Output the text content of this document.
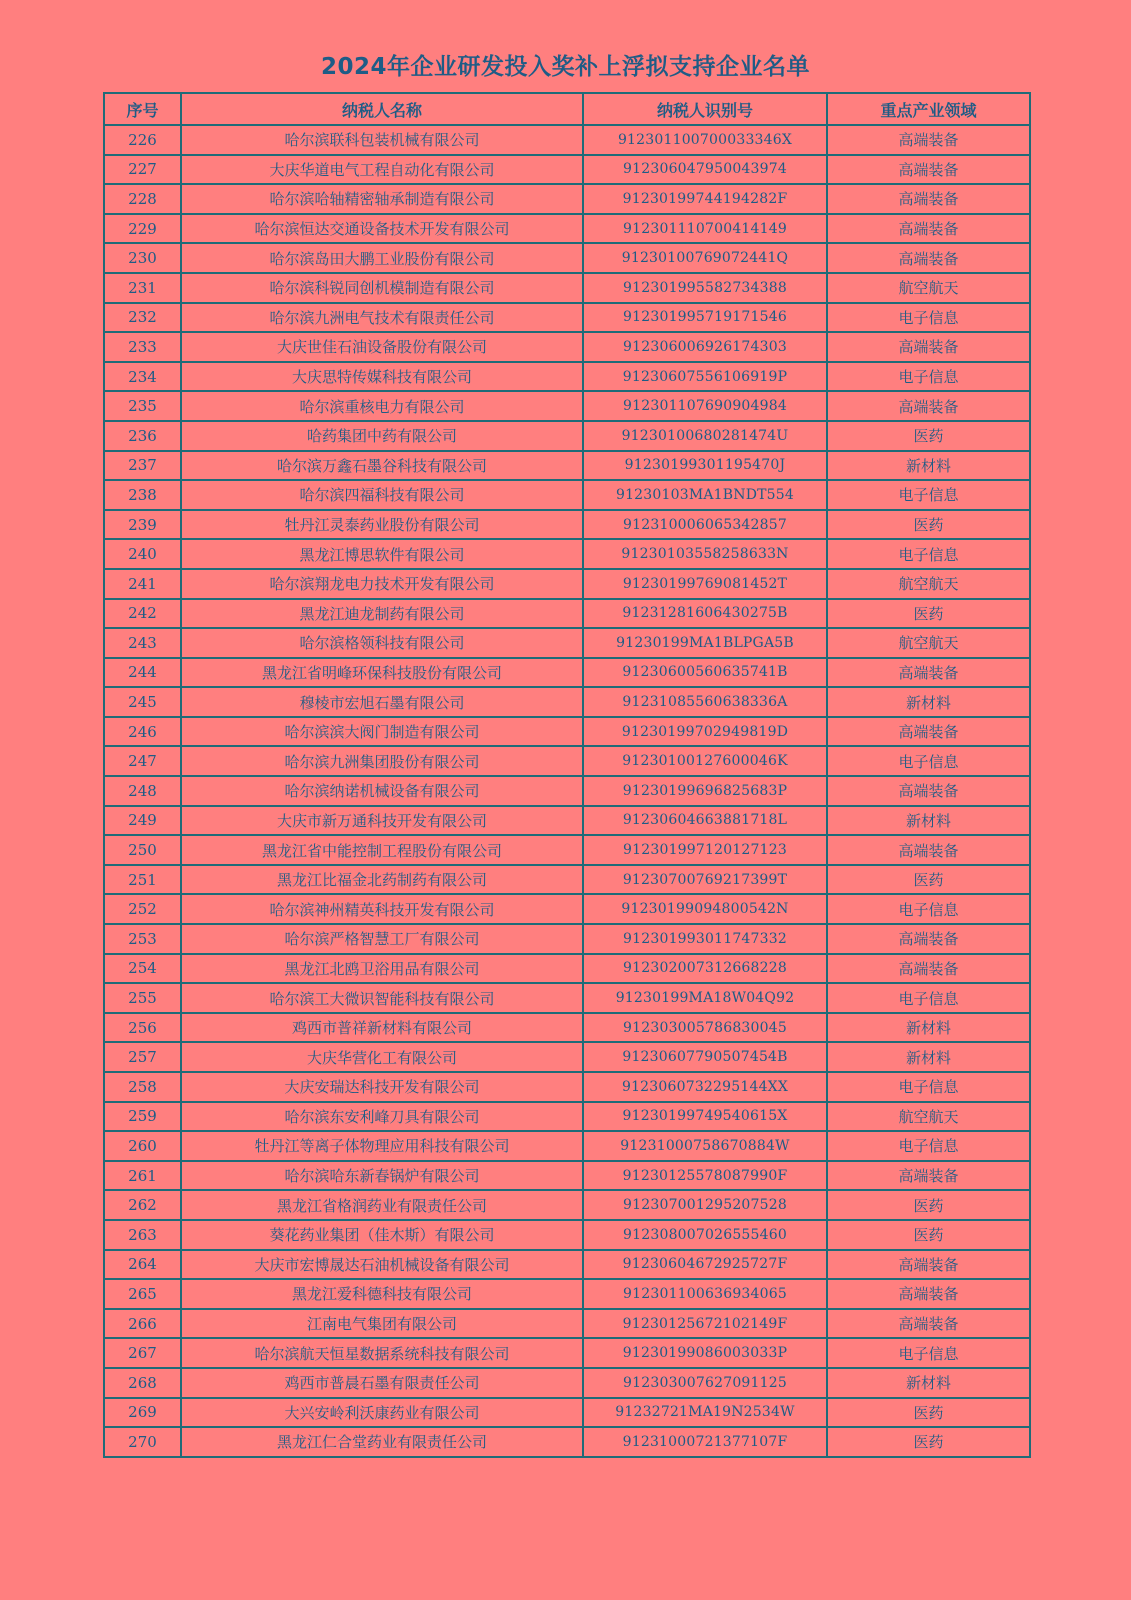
2024年企业研发投入奖补上浮拟支持企业名单
序号	纳税人名称	纳税人识别号	重点产业领域
226	哈尔滨联科包装机械有限公司	912301100700033346X	高端装备
227	大庆华道电气工程自动化有限公司	912306047950043974	高端装备
228	哈尔滨哈轴精密轴承制造有限公司	91230199744194282F	高端装备
229	哈尔滨恒达交通设备技术开发有限公司	912301110700414149	高端装备
230	哈尔滨岛田大鹏工业股份有限公司	91230100769072441Q	高端装备
231	哈尔滨科锐同创机模制造有限公司	912301995582734388	航空航天
232	哈尔滨九洲电气技术有限责任公司	912301995719171546	电子信息
233	大庆世佳石油设备股份有限公司	912306006926174303	高端装备
234	大庆思特传媒科技有限公司	91230607556106919P	电子信息
235	哈尔滨重核电力有限公司	912301107690904984	高端装备
236	哈药集团中药有限公司	91230100680281474U	医药
237	哈尔滨万鑫石墨谷科技有限公司	91230199301195470J	新材料
238	哈尔滨四福科技有限公司	91230103MA1BNDT554	电子信息
239	牡丹江灵泰药业股份有限公司	912310006065342857	医药
240	黑龙江博思软件有限公司	91230103558258633N	电子信息
241	哈尔滨翔龙电力技术开发有限公司	91230199769081452T	航空航天
242	黑龙江迪龙制药有限公司	91231281606430275B	医药
243	哈尔滨格领科技有限公司	91230199MA1BLPGA5B	航空航天
244	黑龙江省明峰环保科技股份有限公司	91230600560635741B	高端装备
245	穆棱市宏旭石墨有限公司	91231085560638336A	新材料
246	哈尔滨滨大阀门制造有限公司	91230199702949819D	高端装备
247	哈尔滨九洲集团股份有限公司	91230100127600046K	电子信息
248	哈尔滨纳诺机械设备有限公司	91230199696825683P	高端装备
249	大庆市新万通科技开发有限公司	91230604663881718L	新材料
250	黑龙江省中能控制工程股份有限公司	912301997120127123	高端装备
251	黑龙江比福金北药制药有限公司	91230700769217399T	医药
252	哈尔滨神州精英科技开发有限公司	91230199094800542N	电子信息
253	哈尔滨严格智慧工厂有限公司	912301993011747332	高端装备
254	黑龙江北鸥卫浴用品有限公司	912302007312668228	高端装备
255	哈尔滨工大微识智能科技有限公司	91230199MA18W04Q92	电子信息
256	鸡西市普祥新材料有限公司	912303005786830045	新材料
257	大庆华营化工有限公司	91230607790507454B	新材料
258	大庆安瑞达科技开发有限公司	91230607322951​44XX	电子信息
259	哈尔滨东安利峰刀具有限公司	91230199749540615X	航空航天
260	牡丹江等离子体物理应用科技有限公司	91231000758670884W	电子信息
261	哈尔滨哈东新春锅炉有限公司	91230125578087990F	高端装备
262	黑龙江省格润药业有限责任公司	912307001295207528	医药
263	葵花药业集团（佳木斯）有限公司	912308007026555460	医药
264	大庆市宏博晟达石油机械设备有限公司	91230604672925727F	高端装备
265	黑龙江爱科德科技有限公司	912301100636934065	高端装备
266	江南电气集团有限公司	91230125672102149F	高端装备
267	哈尔滨航天恒星数据系统科技有限公司	91230199086003033P	电子信息
268	鸡西市普晨石墨有限责任公司	912303007627091125	新材料
269	大兴安岭利沃康药业有限公司	91232721MA19N2534W	医药
270	黑龙江仁合堂药业有限责任公司	91231000721377107F	医药
